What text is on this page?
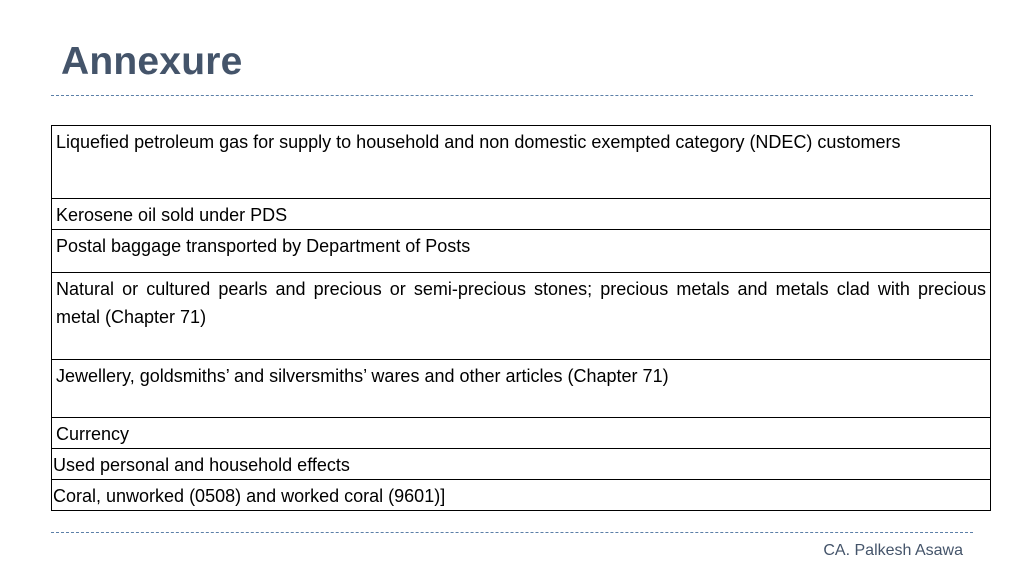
Annexure
Liquefied petroleum gas for supply to household and non domestic exempted category (NDEC) customers
Kerosene oil sold under PDS
Postal baggage transported by Department of Posts
Natural or cultured pearls and precious or semi-precious stones; precious metals and metals clad with precious metal (Chapter 71)
Jewellery, goldsmiths’ and silversmiths’ wares and other articles (Chapter 71)
Currency
Used personal and household effects
Coral, unworked (0508) and worked coral (9601)]
CA. Palkesh Asawa
